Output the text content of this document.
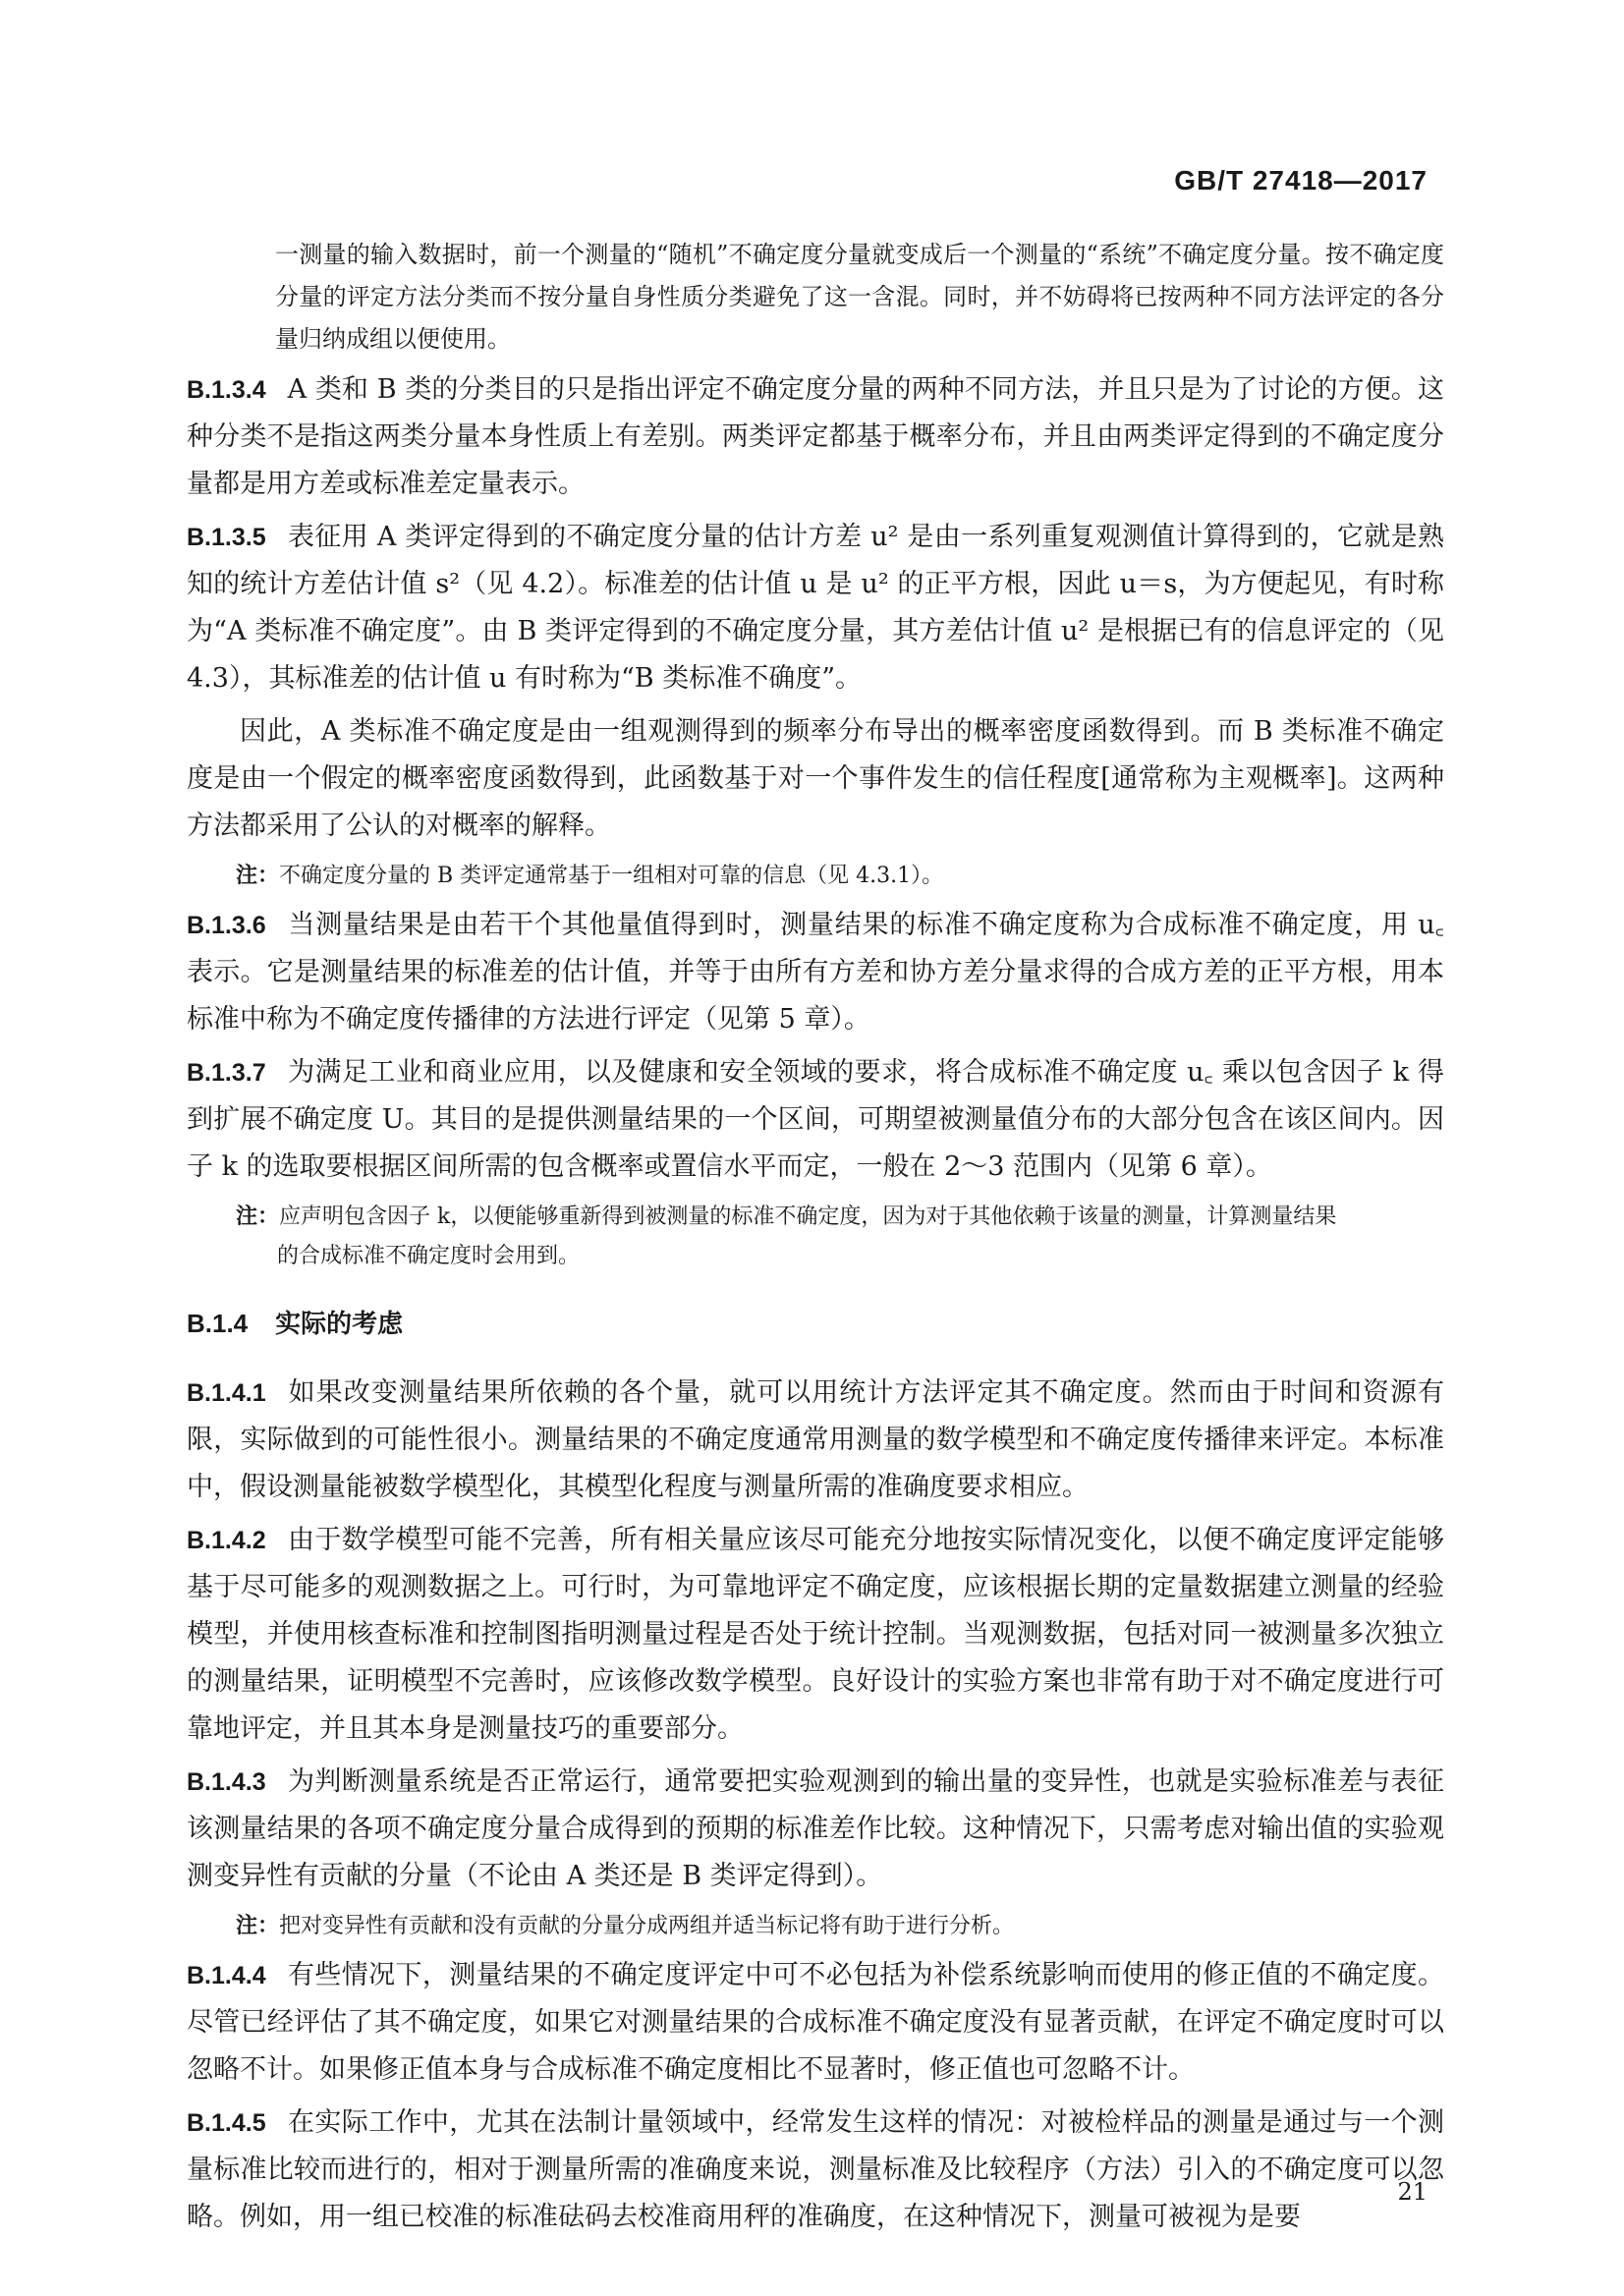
GB/T 27418—2017

一测量的输入数据时，前一个测量的“随机”不确定度分量就变成后一个测量的“系统”不确定度分量。按不确定度分量的评定方法分类而不按分量自身性质分类避免了这一含混。同时，并不妨碍将已按两种不同方法评定的各分量归纳成组以便使用。

B.1.3.4 A 类和 B 类的分类目的只是指出评定不确定度分量的两种不同方法，并且只是为了讨论的方便。这种分类不是指这两类分量本身性质上有差别。两类评定都基于概率分布，并且由两类评定得到的不确定度分量都是用方差或标准差定量表示。

B.1.3.5 表征用 A 类评定得到的不确定度分量的估计方差 u² 是由一系列重复观测值计算得到的，它就是熟知的统计方差估计值 s²（见 4.2）。标准差的估计值 u 是 u² 的正平方根，因此 u＝s，为方便起见，有时称为“A 类标准不确定度”。由 B 类评定得到的不确定度分量，其方差估计值 u² 是根据已有的信息评定的（见 4.3），其标准差的估计值 u 有时称为“B 类标准不确度”。

因此，A 类标准不确定度是由一组观测得到的频率分布导出的概率密度函数得到。而 B 类标准不确定度是由一个假定的概率密度函数得到，此函数基于对一个事件发生的信任程度[通常称为主观概率]。这两种方法都采用了公认的对概率的解释。

注：不确定度分量的 B 类评定通常基于一组相对可靠的信息（见 4.3.1）。

B.1.3.6 当测量结果是由若干个其他量值得到时，测量结果的标准不确定度称为合成标准不确定度，用 u꜀ 表示。它是测量结果的标准差的估计值，并等于由所有方差和协方差分量求得的合成方差的正平方根，用本标准中称为不确定度传播律的方法进行评定（见第 5 章）。

B.1.3.7 为满足工业和商业应用，以及健康和安全领域的要求，将合成标准不确定度 u꜀ 乘以包含因子 k 得到扩展不确定度 U。其目的是提供测量结果的一个区间，可期望被测量值分布的大部分包含在该区间内。因子 k 的选取要根据区间所需的包含概率或置信水平而定，一般在 2～3 范围内（见第 6 章）。

注：应声明包含因子 k，以便能够重新得到被测量的标准不确定度，因为对于其他依赖于该量的测量，计算测量结果

的合成标准不确定度时会用到。

B.1.4 实际的考虑

B.1.4.1 如果改变测量结果所依赖的各个量，就可以用统计方法评定其不确定度。然而由于时间和资源有限，实际做到的可能性很小。测量结果的不确定度通常用测量的数学模型和不确定度传播律来评定。本标准中，假设测量能被数学模型化，其模型化程度与测量所需的准确度要求相应。

B.1.4.2 由于数学模型可能不完善，所有相关量应该尽可能充分地按实际情况变化，以便不确定度评定能够基于尽可能多的观测数据之上。可行时，为可靠地评定不确定度，应该根据长期的定量数据建立测量的经验模型，并使用核查标准和控制图指明测量过程是否处于统计控制。当观测数据，包括对同一被测量多次独立的测量结果，证明模型不完善时，应该修改数学模型。良好设计的实验方案也非常有助于对不确定度进行可靠地评定，并且其本身是测量技巧的重要部分。

B.1.4.3 为判断测量系统是否正常运行，通常要把实验观测到的输出量的变异性，也就是实验标准差与表征该测量结果的各项不确定度分量合成得到的预期的标准差作比较。这种情况下，只需考虑对输出值的实验观测变异性有贡献的分量（不论由 A 类还是 B 类评定得到）。

注：把对变异性有贡献和没有贡献的分量分成两组并适当标记将有助于进行分析。

B.1.4.4 有些情况下，测量结果的不确定度评定中可不必包括为补偿系统影响而使用的修正值的不确定度。尽管已经评估了其不确定度，如果它对测量结果的合成标准不确定度没有显著贡献，在评定不确定度时可以忽略不计。如果修正值本身与合成标准不确定度相比不显著时，修正值也可忽略不计。

B.1.4.5 在实际工作中，尤其在法制计量领域中，经常发生这样的情况：对被检样品的测量是通过与一个测量标准比较而进行的，相对于测量所需的准确度来说，测量标准及比较程序（方法）引入的不确定度可以忽略。例如，用一组已校准的标准砝码去校准商用秤的准确度，在这种情况下，测量可被视为是要

21
